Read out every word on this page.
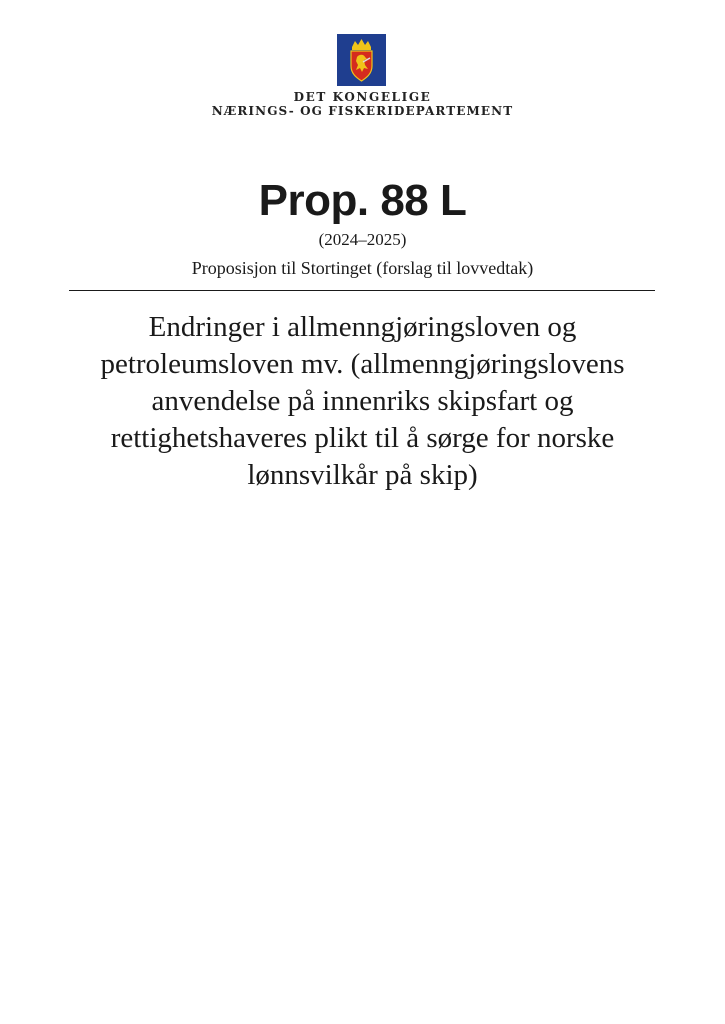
DET KONGELIGE
NÆRINGS- OG FISKERIDEPARTEMENT
Prop. 88 L
(2024–2025)
Proposisjon til Stortinget (forslag til lovvedtak)
Endringer i allmenngjøringsloven og petroleumsloven mv. (allmenngjøringslovens anvendelse på innenriks skipsfart og rettighetshaveres plikt til å sørge for norske lønnsvilkår på skip)
